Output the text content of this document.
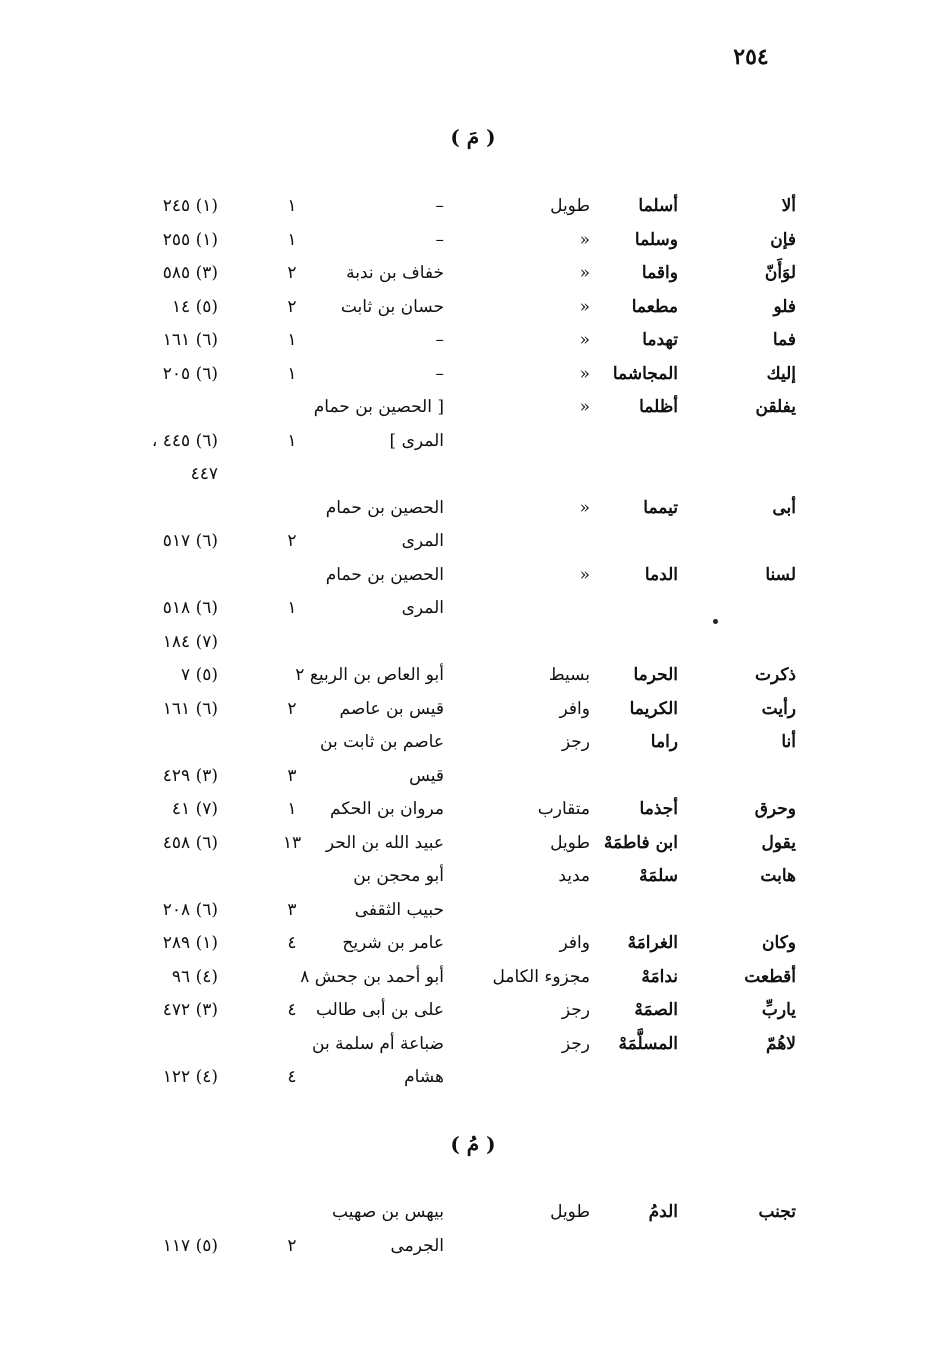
٢٥٤
( مَ )
ألا
أسلما
طويل
–
١
(١) ٢٤٥
فإن
وسلما
«
–
١
(١) ٢٥٥
لوَأَنّ
واقما
«
خفاف بن ندبة
٢
(٣) ٥٨٥
فلو
مطعما
«
حسان بن ثابت
٢
(٥) ١٤
فما
تهدما
«
–
١
(٦) ١٦١
إليك
المجاشما
«
–
١
(٦) ٢٠٥
يفلقن
أظلما
«
[ الحصين بن حمام
المرى ]
١
(٦) ٤٤٥ ،
٤٤٧
أبى
تيمما
«
الحصين بن حمام
المرى
٢
(٦) ٥١٧
لسنا
الدما
«
الحصين بن حمام
المرى
١
(٦) ٥١٨
(٧) ١٨٤
ذكرت
الحرما
بسيط
أبو العاص بن الربيع ٢
(٥) ٧
رأيت
الكريما
وافر
قيس بن عاصم
٢
(٦) ١٦١
أنا
راما
رجز
عاصم بن ثابت بن
قيس
٣
(٣) ٤٢٩
وحرق
أجذما
متقارب
مروان بن الحكم
١
(٧) ٤١
يقول
ابن فاطمَهْ
طويل
عبيد الله بن الحر
١٣
(٦) ٤٥٨
هابت
سلمَهْ
مديد
أبو محجن بن
حبيب الثقفى
٣
(٦) ٢٠٨
وكان
الغرامَهْ
وافر
عامر بن شريح
٤
(١) ٢٨٩
أقطعت
ندامَهْ
مجزوء الكامل
أبو أحمد بن جحش ٨
(٤) ٩٦
ياربِّ
الصمَهْ
رجز
على بن أبى طالب
٤
(٣) ٤٧٢
لاهُمّ
المسلَّمَهْ
رجز
ضباعة أم سلمة بن
هشام
٤
(٤) ١٢٢
( مُ )
تجنب
الدمُ
طويل
بيهس بن صهيب
الجرمى
٢
(٥) ١١٧
